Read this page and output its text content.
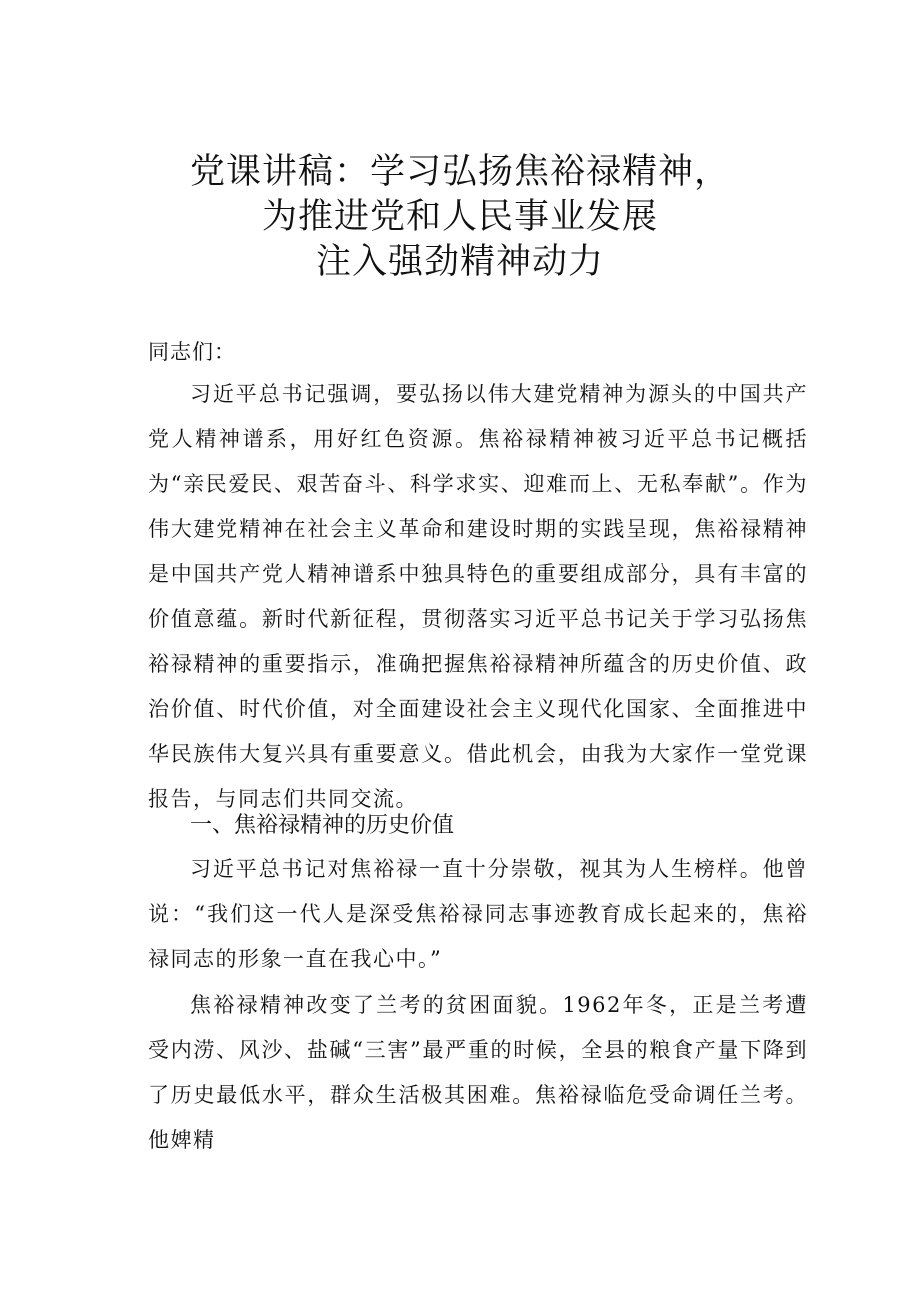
党课讲稿：学习弘扬焦裕禄精神，
为推进党和人民事业发展
注入强劲精神动力
同志们：

习近平总书记强调，要弘扬以伟大建党精神为源头的中国共产党人精神谱系，用好红色资源。焦裕禄精神被习近平总书记概括为“亲民爱民、艰苦奋斗、科学求实、迎难而上、无私奉献”。作为伟大建党精神在社会主义革命和建设时期的实践呈现，焦裕禄精神是中国共产党人精神谱系中独具特色的重要组成部分，具有丰富的价值意蕴。新时代新征程，贯彻落实习近平总书记关于学习弘扬焦裕禄精神的重要指示，准确把握焦裕禄精神所蕴含的历史价值、政治价值、时代价值，对全面建设社会主义现代化国家、全面推进中华民族伟大复兴具有重要意义。借此机会，由我为大家作一堂党课报告，与同志们共同交流。

一、焦裕禄精神的历史价值

习近平总书记对焦裕禄一直十分崇敬，视其为人生榜样。他曾说：“我们这一代人是深受焦裕禄同志事迹教育成长起来的，焦裕禄同志的形象一直在我心中。”

焦裕禄精神改变了兰考的贫困面貌。1962年冬，正是兰考遭受内涝、风沙、盐碱“三害”最严重的时候，全县的粮食产量下降到了历史最低水平，群众生活极其困难。焦裕禄临危受命调任兰考。他婢精
